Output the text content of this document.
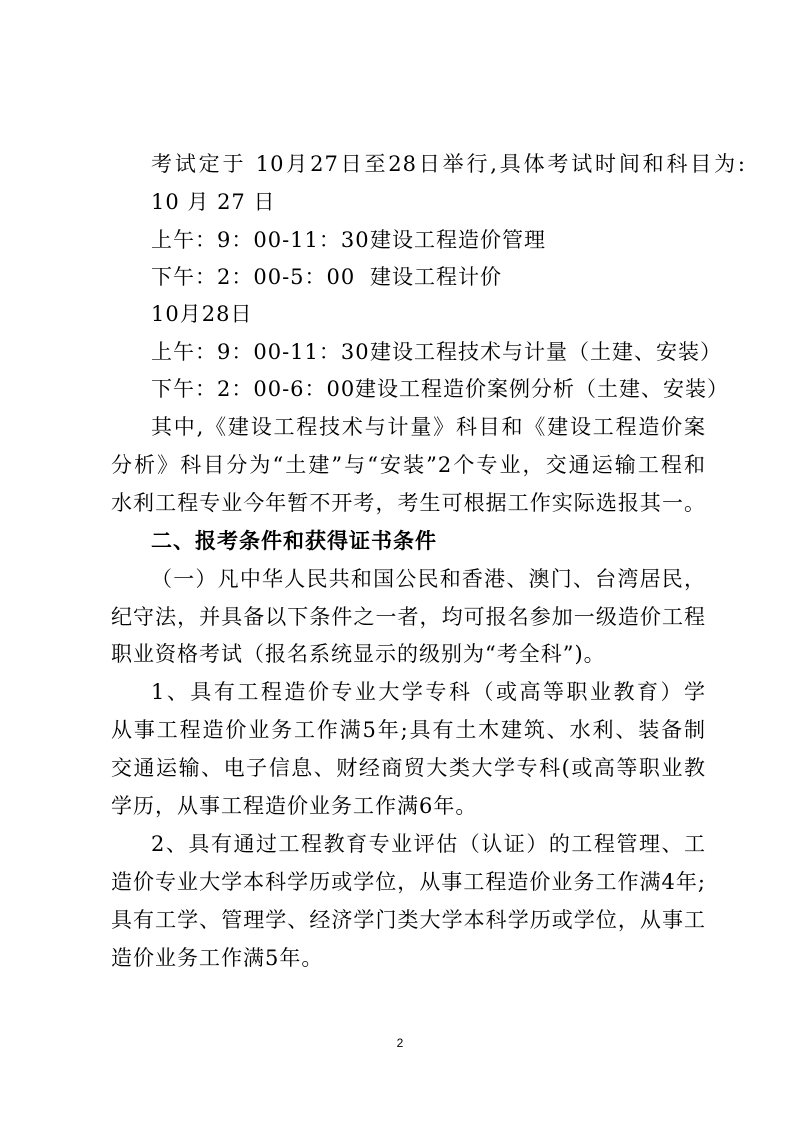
考试定于 10月27日至28日举行,具体考试时间和科目为:
10 月 27 日
上午：9：00-11：30建设工程造价管理
下午：2：00-5：00 建设工程计价
10月28日
上午：9：00-11：30建设工程技术与计量（土建、安装）
下午：2：00-6：00建设工程造价案例分析（土建、安装）
其中,《建设工程技术与计量》科目和《建设工程造价案
分析》科目分为“土建”与“安装”2个专业，交通运输工程和
水利工程专业今年暂不开考，考生可根据工作实际选报其一。
二、报考条件和获得证书条件
（一）凡中华人民共和国公民和香港、澳门、台湾居民，
纪守法，并具备以下条件之一者，均可报名参加一级造价工程
职业资格考试（报名系统显示的级别为“考全科”)。
1、具有工程造价专业大学专科（或高等职业教育）学
从事工程造价业务工作满5年;具有土木建筑、水利、装备制
交通运输、电子信息、财经商贸大类大学专科(或高等职业教
学历，从事工程造价业务工作满6年。
2、具有通过工程教育专业评估（认证）的工程管理、工
造价专业大学本科学历或学位，从事工程造价业务工作满4年;
具有工学、管理学、经济学门类大学本科学历或学位，从事工
造价业务工作满5年。
2
